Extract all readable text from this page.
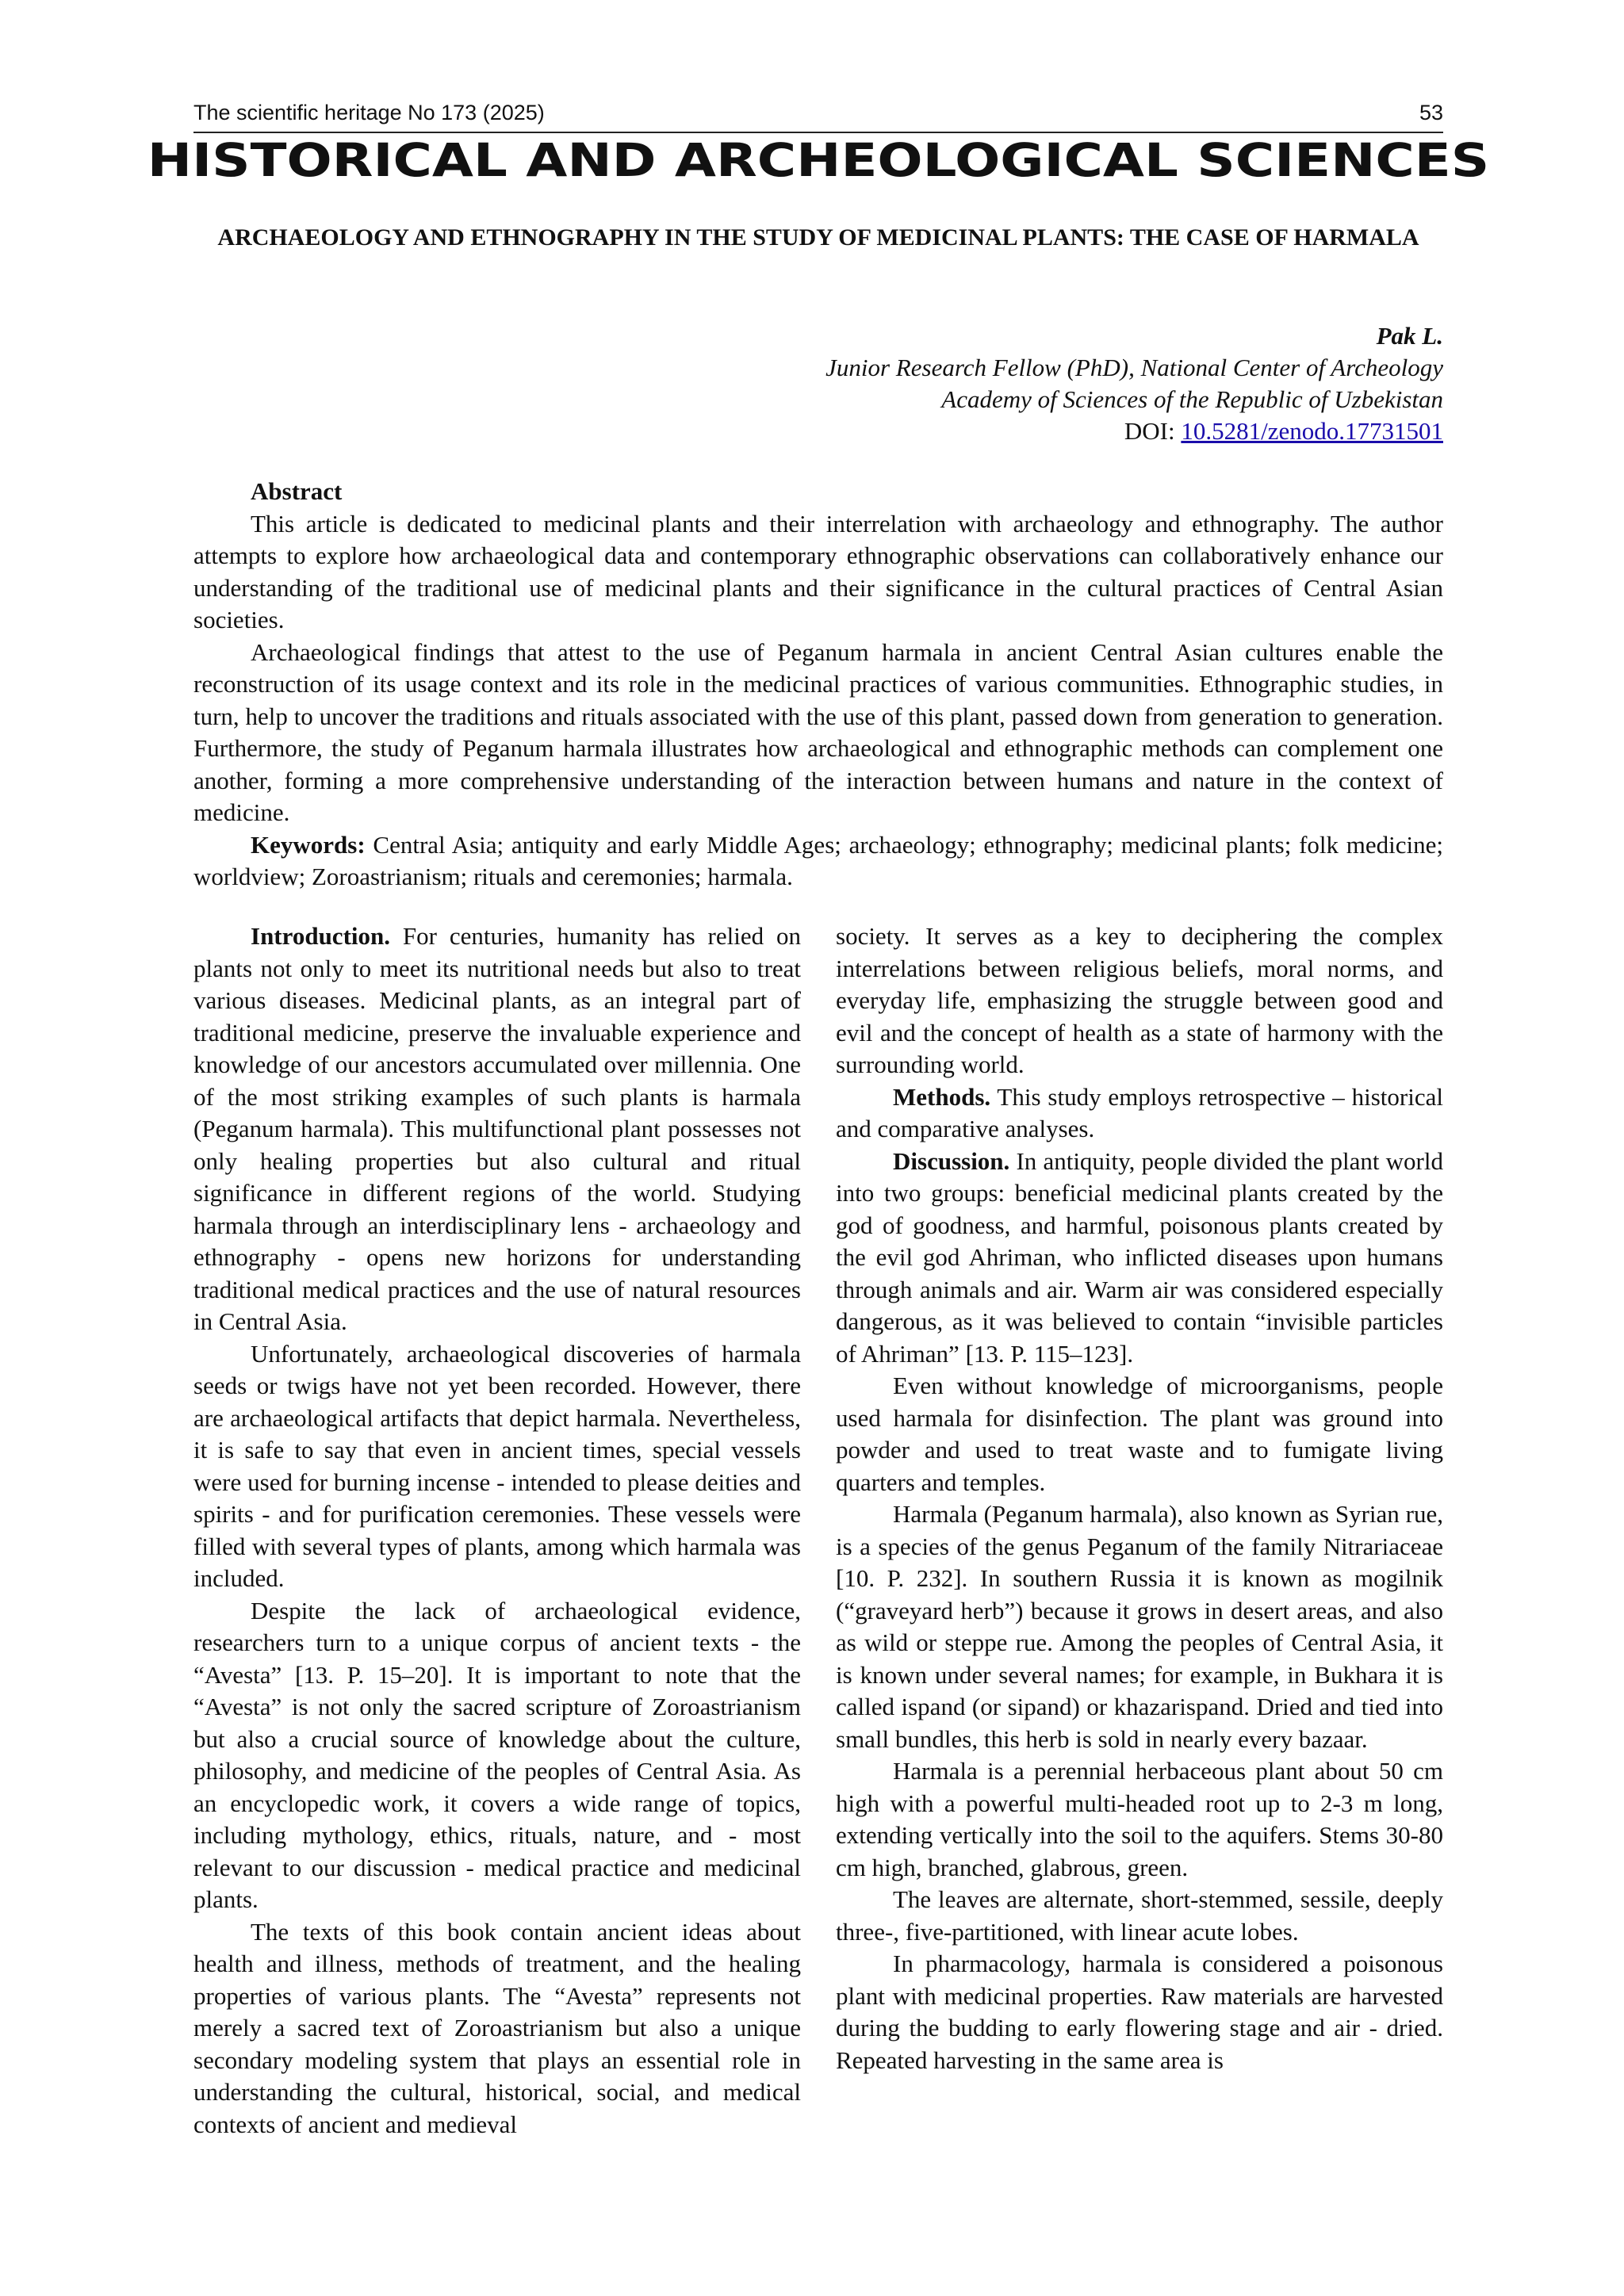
The scientific heritage No 173 (2025)	53
HISTORICAL AND ARCHEOLOGICAL SCIENCES
ARCHAEOLOGY AND ETHNOGRAPHY IN THE STUDY OF MEDICINAL PLANTS: THE CASE OF HARMALA
Pak L.
Junior Research Fellow (PhD), National Center of Archeology
Academy of Sciences of the Republic of Uzbekistan
DOI: 10.5281/zenodo.17731501
Abstract

This article is dedicated to medicinal plants and their interrelation with archaeology and ethnography. The author attempts to explore how archaeological data and contemporary ethnographic observations can collaboratively enhance our understanding of the traditional use of medicinal plants and their significance in the cultural practices of Central Asian societies.

Archaeological findings that attest to the use of Peganum harmala in ancient Central Asian cultures enable the reconstruction of its usage context and its role in the medicinal practices of various communities. Ethnographic studies, in turn, help to uncover the traditions and rituals associated with the use of this plant, passed down from generation to generation. Furthermore, the study of Peganum harmala illustrates how archaeological and ethnographic methods can complement one another, forming a more comprehensive understanding of the interaction between humans and nature in the context of medicine.

Keywords: Central Asia; antiquity and early Middle Ages; archaeology; ethnography; medicinal plants; folk medicine; worldview; Zoroastrianism; rituals and ceremonies; harmala.

Introduction. For centuries, humanity has relied on plants not only to meet its nutritional needs but also to treat various diseases. Medicinal plants, as an integral part of traditional medicine, preserve the invaluable experience and knowledge of our ancestors accumulated over millennia. One of the most striking examples of such plants is harmala (Peganum harmala). This multifunctional plant possesses not only healing properties but also cultural and ritual significance in different regions of the world. Studying harmala through an interdisciplinary lens - archaeology and ethnography - opens new horizons for understanding traditional medical practices and the use of natural resources in Central Asia.

Unfortunately, archaeological discoveries of harmala seeds or twigs have not yet been recorded. However, there are archaeological artifacts that depict harmala. Nevertheless, it is safe to say that even in ancient times, special vessels were used for burning incense - intended to please deities and spirits - and for purification ceremonies. These vessels were filled with several types of plants, among which harmala was included.

Despite the lack of archaeological evidence, researchers turn to a unique corpus of ancient texts - the “Avesta” [13. P. 15–20]. It is important to note that the “Avesta” is not only the sacred scripture of Zoroastrianism but also a crucial source of knowledge about the culture, philosophy, and medicine of the peoples of Central Asia. As an encyclopedic work, it covers a wide range of topics, including mythology, ethics, rituals, nature, and - most relevant to our discussion - medical practice and medicinal plants.

The texts of this book contain ancient ideas about health and illness, methods of treatment, and the healing properties of various plants. The “Avesta” represents not merely a sacred text of Zoroastrianism but also a unique secondary modeling system that plays an essential role in understanding the cultural, historical, social, and medical contexts of ancient and medieval

society. It serves as a key to deciphering the complex interrelations between religious beliefs, moral norms, and everyday life, emphasizing the struggle between good and evil and the concept of health as a state of harmony with the surrounding world.

Methods. This study employs retrospective – historical and comparative analyses.

Discussion. In antiquity, people divided the plant world into two groups: beneficial medicinal plants created by the god of goodness, and harmful, poisonous plants created by the evil god Ahriman, who inflicted diseases upon humans through animals and air. Warm air was considered especially dangerous, as it was believed to contain “invisible particles of Ahriman” [13. P. 115–123].

Even without knowledge of microorganisms, people used harmala for disinfection. The plant was ground into powder and used to treat waste and to fumigate living quarters and temples.

Harmala (Peganum harmala), also known as Syrian rue, is a species of the genus Peganum of the family Nitrariaceae [10. P. 232]. In southern Russia it is known as mogilnik (“graveyard herb”) because it grows in desert areas, and also as wild or steppe rue. Among the peoples of Central Asia, it is known under several names; for example, in Bukhara it is called ispand (or sipand) or khazarispand. Dried and tied into small bundles, this herb is sold in nearly every bazaar.

Harmala is a perennial herbaceous plant about 50 cm high with a powerful multi-headed root up to 2-3 m long, extending vertically into the soil to the aquifers. Stems 30-80 cm high, branched, glabrous, green.

The leaves are alternate, short-stemmed, sessile, deeply three-, five-partitioned, with linear acute lobes.

In pharmacology, harmala is considered a poisonous plant with medicinal properties. Raw materials are harvested during the budding to early flowering stage and air - dried. Repeated harvesting in the same area is
